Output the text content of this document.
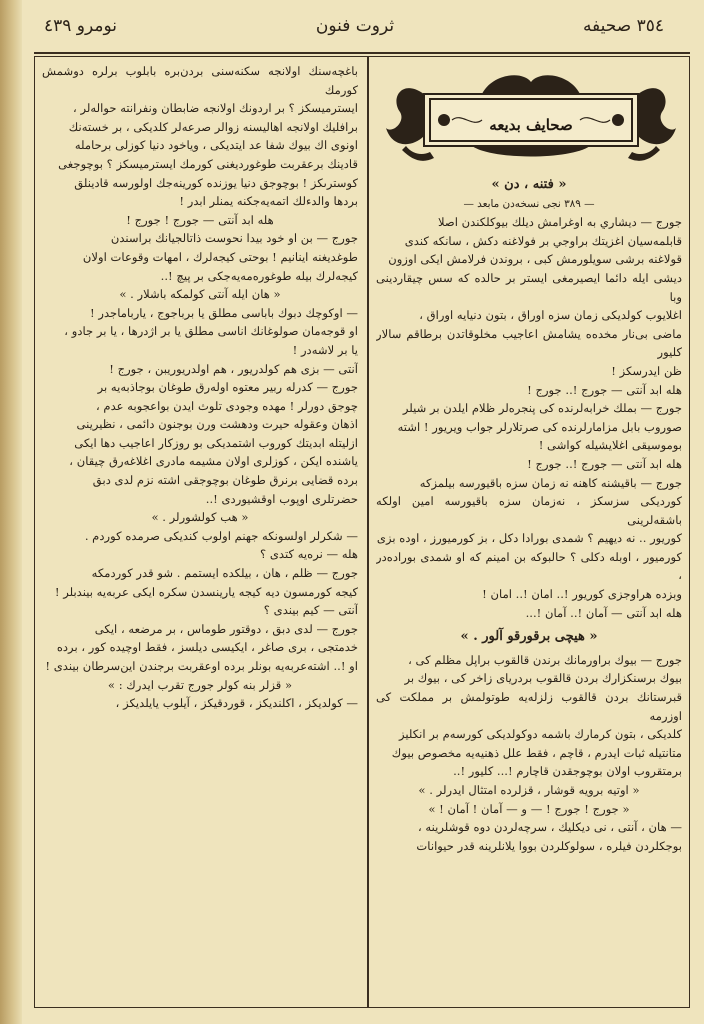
نومرو ٤٣٩	ثروت فنون	٣٥٤ صحيفه
صحايف بديعه

« فتنه ، دن »

— ٣٨٩ نجى نسخه‌دن مابعد —

جورج — ديشاري به اوغرامش ديلك بيوكلكندن اصلا

قابلمه‌سيان اغزيتك براوجي بر فولاغنه دكش ، سانكه كندى

قولاغنه برشى سويلورمش كبى ، بروندن فرلامش ايكى اوزون

ديشى ايله دائما ايصيرمغى ايستر بر حالده كه سس چيقاردينى وبا

اغلايوب كولديكى زمان سزه اوراق ، بتون دنيايه اوراق ،

ماضى بى‌نار مخده‌ه يشامش اعاجيب مخلوقاتدن برطاقم سالار كليور

ظن ايدرسكز !

هله ابد آنتى — جورج !.. جورج !

جورج — بملك خرابه‌لرنده كى پنجره‌لر ظلام ايلدن بر شيلر

صوروب بابل مزامارلرنده كى صرتلارلر جواب ويريور ! اشته

بوموسيقى اغلايشيله كواشى !

هله ابد آنتى — جورج !.. جورج !

جورج — باقيشنه كاهنه نه زمان سزه باقيورسه بيلمزكه

كورديكى سزسكز ، نه‌زمان سزه باقيورسه امين اولكه باشقه‌لرينى

كوريور .. نه ديهيم ؟ شمدى بورادا دكل ، بز كورميورز ، اوده بزى

كورميور ، اوبله دكلى ؟ حالبوكه بن امينم كه او شمدى بوراده‌در ،

وبزده هراوجزى كوريور !.. امان !.. امان !

هله ابد آنتى — آمان !.. آمان !...

« هيچى برقورقو آلور . »

جورج — بيوك براورمانك برندن قالقوب براپل مظلم كى ،

بيوك برسنكزارك بردن قالقوب بردرياى زاخر كى ، بيوك بر

قبرستانك بردن قالقوب زلزله‌يه طوتولمش بر مملكت كى اوزرمه

كلديكى ، بتون كرمارك باشمه دوكولديكى كورسه‌م بر انكليز

متانتيله ثبات ايدرم ، قاچم ، فقط علل ذهنيه‌يه مخصوص بيوك

برمتقروب اولان بوچوجقدن قاچارم !... كليور !..

« اوتيه برويه قوشار ، قزلرده امتثال ايدرلر . »

« جورج ! جورج ! — و — آمان ! آمان ! »

— هان ، آنتى ، نى ديكليك ، سرچه‌لردن دوه قوشلرينه ،

بوجكلردن فيلره ، سولوكلردن بووا يلانلرينه قدر حيوانات

باغچه‌سنك اولانجه سكنه‌سنى بردن‌بره بابلوب برلره دوشمش كورمك

ايسترميسكز ؟ بر اردونك اولانجه ضابطان ونفرانته حوالەلر ،

برافليك اولانجه اهاليسنه زوالر صرعەلر كلديكى ، بر خسته‌نك

اونوى اك بيوك شفا عد ايتديكى ، وياخود دنيا كوزلى برحامله

قادينك برعقربت طوغورديغنى كورمك ايسترميسكز ؟ بوچوجغى

كوسترىكز ! بوچوجق دنيا يوزنده كورينه‌جك اولورسه قادينلق

بردها والدءلك اتمه‌يه‌جكنه يمنلر ابدر !

هله ابد آنتى — جورج ! جورج !

جورج — بن او خود بيدا نحوست ذاتالجيانك براسندن

طوغديغنه اينانيم ! بوحتى كيجه‌لرك ، امهات وقوعات اولان

كيجه‌لرك بيله طوغوره‌مه‌يه‌جكى بر پيچ !..

« هان ايله آنتى كولمكه باشلار . »

— اوكوچك دبوك باباسى مطلق يا بربا‌جوج ، يارباماجدر !

او قوجه‌مان صولوغانك اناسى مطلق يا بر اژدرها ، يا بر جادو ،

يا بر لاشه‌در !

آنتى — بزى هم كولدريور ، هم اولدريوريبن ، جورج !

جورج — كدرله ربير معتوه اولەرق طوغان بوجاذبه‌يه بر

چوجق دورلر ! مهده وجودى تلوث ايدن بواعجوبه عدم ،

اذهان وعقوله حيرت ودهشت ورن بوجنون دائمى ، نظيرينى

ازليتله ابديتك كوروب اشتمديكى بو روزكار اعاجيب دها ايكى

ياشنده ايكن ، كوزلرى اولان مشيمه مادرى اغلاغه‌رق چيقان ،

برده قضايى برنرق طوغان بوچوجقى اشته نزم لدى دبق

حضرتلرى اوپوب اوقشيوردى !..

« هب كولشورلر . »

— شكرلر اولسونكه جهنم اولوب كنديكى صرمده كوردم .

هله — نره‌يه كتدى ؟

جورج — ظلم ، هان ، بيلكده ايستمم . شو قدر كوردمكه

كيجه كورمسون ديه كيجه يارينسدن سكره ايكى عربه‌يه بيندبلر !

آنتى — كيم بيندى ؟

جورج — لدى دبق ، دوقتور طوماس ، بر مرضعه ، ايكى

خدمتجى ، برى صاغر ، ايكيسى ديلسز ، فقط اوچيده كور ، برده

او !.. اشته‌عربه‌يه بونلر برده اوعقربت برجندن اين‌سرطان بيندى !

« قزلر بنه كولر جورج تقرب ايدرك : »

— كولديكز ، اكلنديكز ، قوردقيكز ، آيلوب يايلديكز ،
